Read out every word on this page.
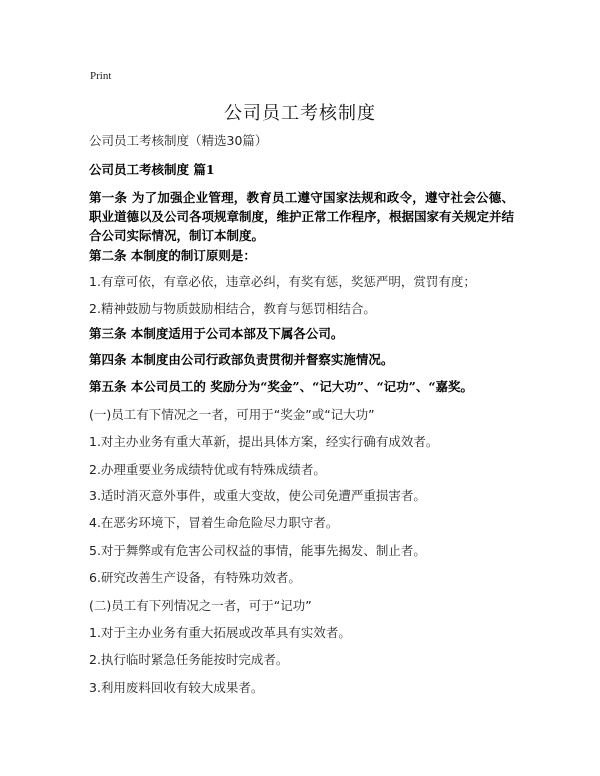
Print
公司员工考核制度
公司员工考核制度（精选30篇）
公司员工考核制度 篇1
第一条 为了加强企业管理，教育员工遵守国家法规和政令，遵守社会公德、职业道德以及公司各项规章制度，维护正常工作程序，根据国家有关规定并结合公司实际情况，制订本制度。
第二条 本制度的制订原则是：
1.有章可依，有章必依，违章必纠，有奖有惩，奖惩严明，赏罚有度；
2.精神鼓励与物质鼓励相结合，教育与惩罚相结合。
第三条 本制度适用于公司本部及下属各公司。
第四条 本制度由公司行政部负责贯彻并督察实施情况。
第五条 本公司员工的 奖励分为“奖金”、“记大功”、“记功”、“嘉奖。
(一)员工有下情况之一者，可用于“奖金”或“记大功”
1.对主办业务有重大革新，提出具体方案，经实行确有成效者。
2.办理重要业务成绩特优或有特殊成绩者。
3.适时消灭意外事件，或重大变故，使公司免遭严重损害者。
4.在恶劣环境下，冒着生命危险尽力职守者。
5.对于舞弊或有危害公司权益的事情，能事先揭发、制止者。
6.研究改善生产设备，有特殊功效者。
(二)员工有下列情况之一者，可于“记功”
1.对于主办业务有重大拓展或改革具有实效者。
2.执行临时紧急任务能按时完成者。
3.利用废料回收有较大成果者。
